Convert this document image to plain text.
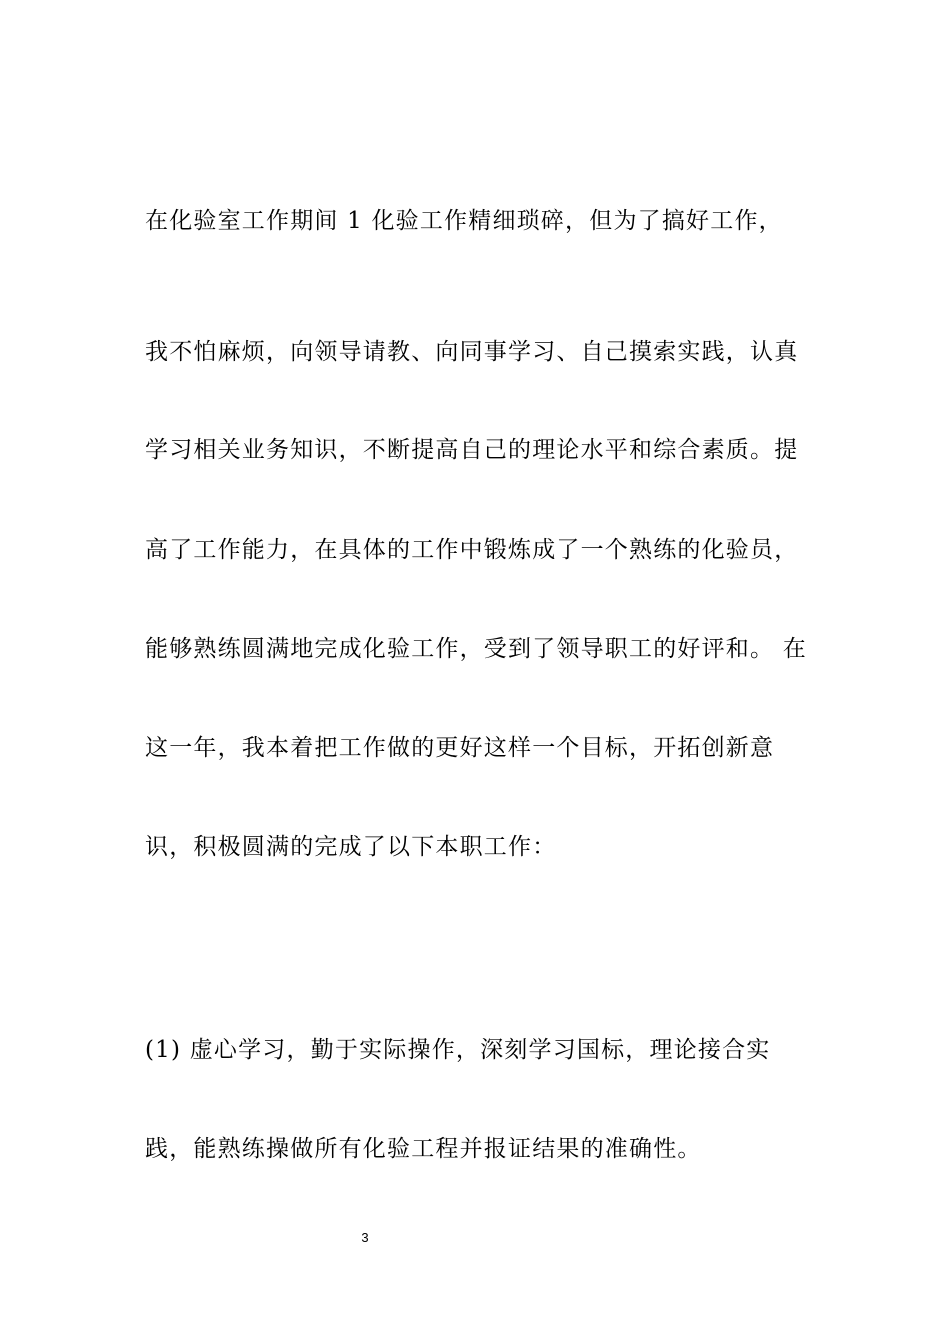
在化验室工作期间 1 化验工作精细琐碎，但为了搞好工作，
我不怕麻烦，向领导请教、向同事学习、自己摸索实践，认真
学习相关业务知识，不断提高自己的理论水平和综合素质。提
高了工作能力，在具体的工作中锻炼成了一个熟练的化验员，
能够熟练圆满地完成化验工作，受到了领导职工的好评和。 在
这一年，我本着把工作做的更好这样一个目标，开拓创新意
识，积极圆满的完成了以下本职工作：
(1) 虚心学习，勤于实际操作，深刻学习国标，理论接合实
践，能熟练操做所有化验工程并报证结果的准确性。
3
